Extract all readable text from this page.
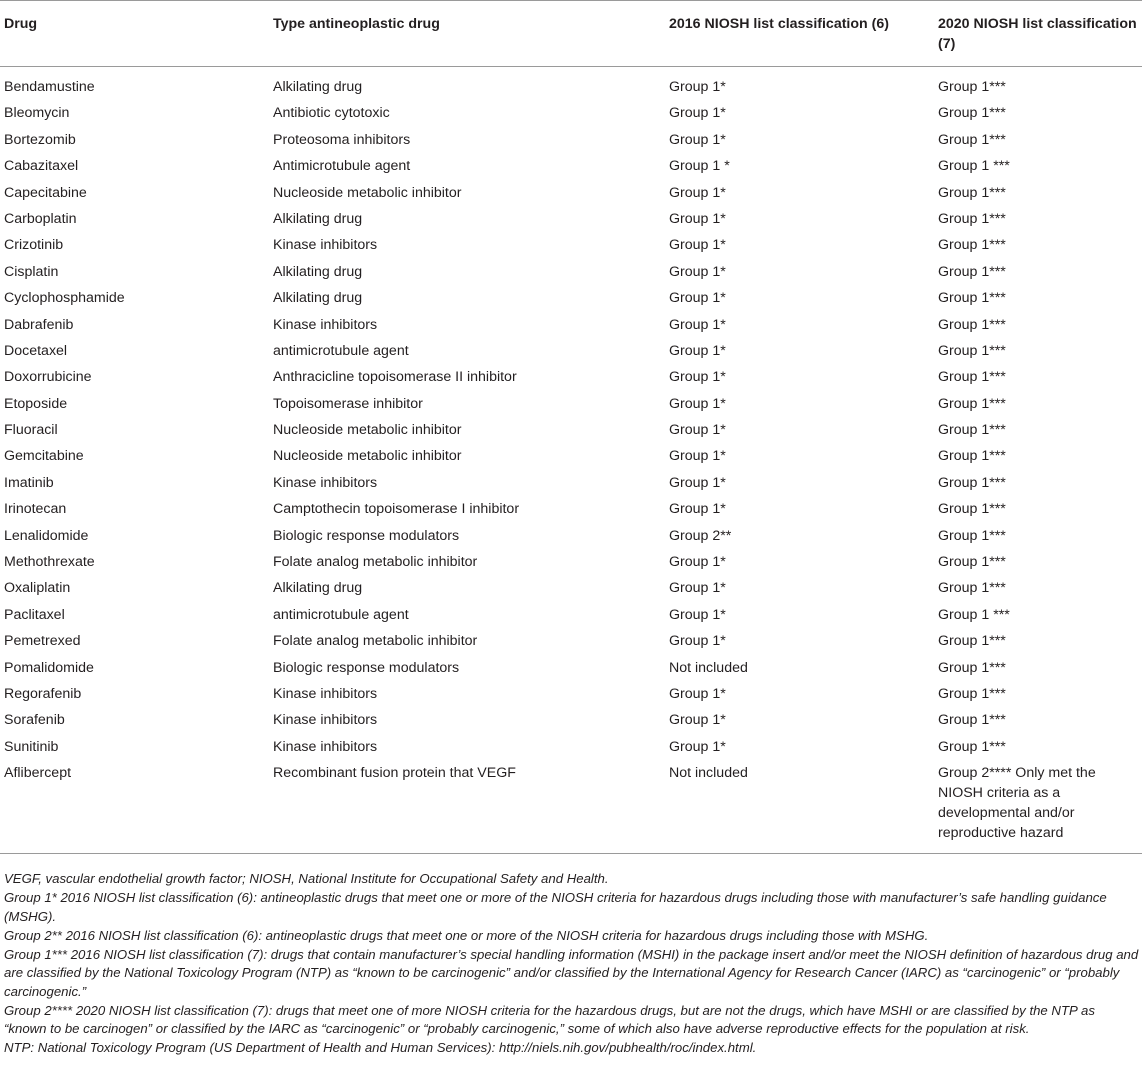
Drug	Type antineoplastic drug	2016 NIOSH list classification (6)	2020 NIOSH list classification (7)
Bendamustine	Alkilating drug	Group 1*	Group 1***
Bleomycin	Antibiotic cytotoxic	Group 1*	Group 1***
Bortezomib	Proteosoma inhibitors	Group 1*	Group 1***
Cabazitaxel	Antimicrotubule agent	Group 1 *	Group 1 ***
Capecitabine	Nucleoside metabolic inhibitor	Group 1*	Group 1***
Carboplatin	Alkilating drug	Group 1*	Group 1***
Crizotinib	Kinase inhibitors	Group 1*	Group 1***
Cisplatin	Alkilating drug	Group 1*	Group 1***
Cyclophosphamide	Alkilating drug	Group 1*	Group 1***
Dabrafenib	Kinase inhibitors	Group 1*	Group 1***
Docetaxel	antimicrotubule agent	Group 1*	Group 1***
Doxorrubicine	Anthracicline topoisomerase II inhibitor	Group 1*	Group 1***
Etoposide	Topoisomerase inhibitor	Group 1*	Group 1***
Fluoracil	Nucleoside metabolic inhibitor	Group 1*	Group 1***
Gemcitabine	Nucleoside metabolic inhibitor	Group 1*	Group 1***
Imatinib	Kinase inhibitors	Group 1*	Group 1***
Irinotecan	Camptothecin topoisomerase I inhibitor	Group 1*	Group 1***
Lenalidomide	Biologic response modulators	Group 2**	Group 1***
Methothrexate	Folate analog metabolic inhibitor	Group 1*	Group 1***
Oxaliplatin	Alkilating drug	Group 1*	Group 1***
Paclitaxel	antimicrotubule agent	Group 1*	Group 1 ***
Pemetrexed	Folate analog metabolic inhibitor	Group 1*	Group 1***
Pomalidomide	Biologic response modulators	Not included	Group 1***
Regorafenib	Kinase inhibitors	Group 1*	Group 1***
Sorafenib	Kinase inhibitors	Group 1*	Group 1***
Sunitinib	Kinase inhibitors	Group 1*	Group 1***
Aflibercept	Recombinant fusion protein that VEGF	Not included	Group 2**** Only met the NIOSH criteria as a developmental and/or reproductive hazard

VEGF, vascular endothelial growth factor; NIOSH, National Institute for Occupational Safety and Health.

Group 1* 2016 NIOSH list classification (6): antineoplastic drugs that meet one or more of the NIOSH criteria for hazardous drugs including those with manufacturer’s safe handling guidance (MSHG).

Group 2** 2016 NIOSH list classification (6): antineoplastic drugs that meet one or more of the NIOSH criteria for hazardous drugs including those with MSHG.

Group 1*** 2016 NIOSH list classification (7): drugs that contain manufacturer’s special handling information (MSHI) in the package insert and/or meet the NIOSH definition of hazardous drug and are classified by the National Toxicology Program (NTP) as “known to be carcinogenic” and/or classified by the International Agency for Research Cancer (IARC) as “carcinogenic” or “probably carcinogenic.”

Group 2**** 2020 NIOSH list classification (7): drugs that meet one of more NIOSH criteria for the hazardous drugs, but are not the drugs, which have MSHI or are classified by the NTP as “known to be carcinogen” or classified by the IARC as “carcinogenic” or “probably carcinogenic,” some of which also have adverse reproductive effects for the population at risk.

NTP: National Toxicology Program (US Department of Health and Human Services): http://niels.nih.gov/pubhealth/roc/index.html.
